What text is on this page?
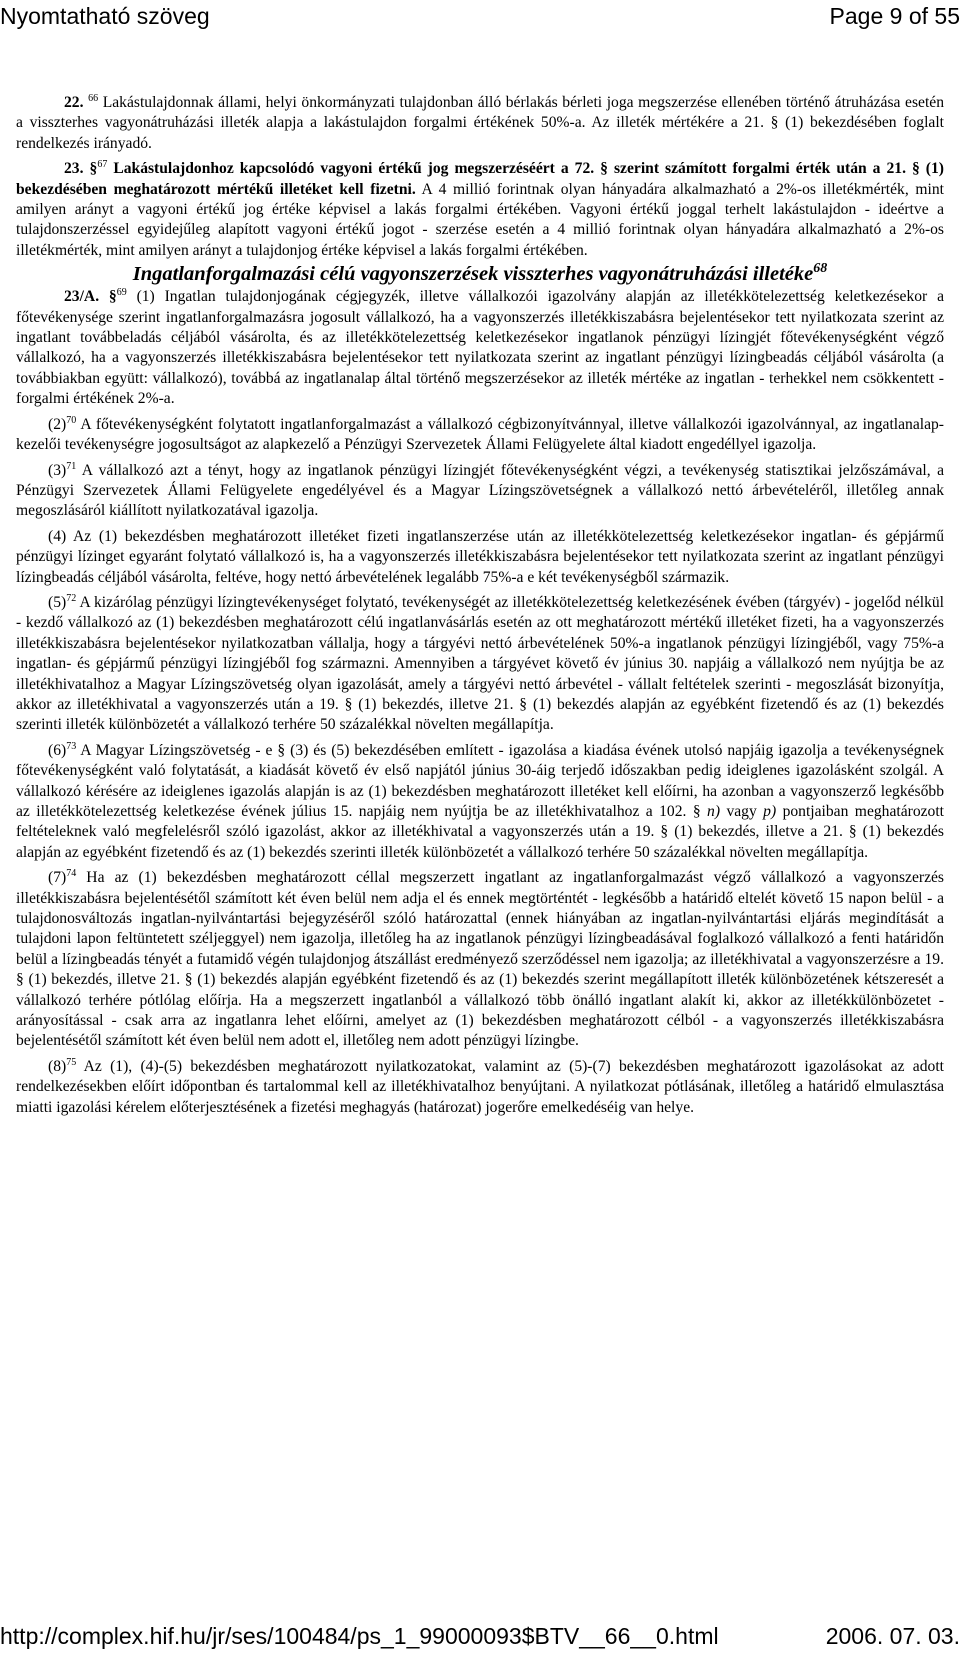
Nyomtatható szöveg	Page 9 of 55

22. $^{66}$ Lakástulajdonnak állami, helyi önkormányzati tulajdonban álló bérlakás bérleti joga megszerzése ellenében történő átruházása esetén a visszterhes vagyonátruházási illeték alapja a lakástulajdon forgalmi értékének 50%-a. Az illeték mértékére a 21. § (1) bekezdésében foglalt rendelkezés irányadó.

23. §$^{67}$ Lakástulajdonhoz kapcsolódó vagyoni értékű jog megszerzéséért a 72. § szerint számított forgalmi érték után a 21. § (1) bekezdésében meghatározott mértékű illetéket kell fizetni. A 4 millió forintnak olyan hányadára alkalmazható a 2%-os illetékmérték, mint amilyen arányt a vagyoni értékű jog értéke képvisel a lakás forgalmi értékében. Vagyoni értékű joggal terhelt lakástulajdon - ideértve a tulajdonszerzéssel egyidejűleg alapított vagyoni értékű jogot - szerzése esetén a 4 millió forintnak olyan hányadára alkalmazható a 2%-os illetékmérték, mint amilyen arányt a tulajdonjog értéke képvisel a lakás forgalmi értékében.

Ingatlanforgalmazási célú vagyonszerzések visszterhes vagyonátruházási illetéke$^{68}$

23/A. §$^{69}$ (1) Ingatlan tulajdonjogának cégjegyzék, illetve vállalkozói igazolvány alapján az illetékkötelezettség keletkezésekor a főtevékenysége szerint ingatlanforgalmazásra jogosult vállalkozó, ha a vagyonszerzés illetékkiszabásra bejelentésekor tett nyilatkozata szerint az ingatlant továbbeladás céljából vásárolta, és az illetékkötelezettség keletkezésekor ingatlanok pénzügyi lízingjét főtevékenységként végző vállalkozó, ha a vagyonszerzés illetékkiszabásra bejelentésekor tett nyilatkozata szerint az ingatlant pénzügyi lízingbeadás céljából vásárolta (a továbbiakban együtt: vállalkozó), továbbá az ingatlanalap által történő megszerzésekor az illeték mértéke az ingatlan - terhekkel nem csökkentett - forgalmi értékének 2%-a.

$(2)^{70}$ A főtevékenységként folytatott ingatlanforgalmazást a vállalkozó cégbizonyítvánnyal, illetve vállalkozói igazolvánnyal, az ingatlanalap-kezelői tevékenységre jogosultságot az alapkezelő a Pénzügyi Szervezetek Állami Felügyelete által kiadott engedéllyel igazolja.

$(3)^{71}$ A vállalkozó azt a tényt, hogy az ingatlanok pénzügyi lízingjét főtevékenységként végzi, a tevékenység statisztikai jelzőszámával, a Pénzügyi Szervezetek Állami Felügyelete engedélyével és a Magyar Lízingszövetségnek a vállalkozó nettó árbevételéről, illetőleg annak megoszlásáról kiállított nyilatkozatával igazolja.

(4) Az (1) bekezdésben meghatározott illetéket fizeti ingatlanszerzése után az illetékkötelezettség keletkezésekor ingatlan- és gépjármű pénzügyi lízinget egyaránt folytató vállalkozó is, ha a vagyonszerzés illetékkiszabásra bejelentésekor tett nyilatkozata szerint az ingatlant pénzügyi lízingbeadás céljából vásárolta, feltéve, hogy nettó árbevételének legalább 75%-a e két tevékenységből származik.

$(5)^{72}$ A kizárólag pénzügyi lízingtevékenységet folytató, tevékenységét az illetékkötelezettség keletkezésének évében (tárgyév) - jogelőd nélkül - kezdő vállalkozó az (1) bekezdésben meghatározott célú ingatlanvásárlás esetén az ott meghatározott mértékű illetéket fizeti, ha a vagyonszerzés illetékkiszabásra bejelentésekor nyilatkozatban vállalja, hogy a tárgyévi nettó árbevételének 50%-a ingatlanok pénzügyi lízingjéből, vagy 75%-a ingatlan- és gépjármű pénzügyi lízingjéből fog származni. Amennyiben a tárgyévet követő év június 30. napjáig a vállalkozó nem nyújtja be az illetékhivatalhoz a Magyar Lízingszövetség olyan igazolását, amely a tárgyévi nettó árbevétel - vállalt feltételek szerinti - megoszlását bizonyítja, akkor az illetékhivatal a vagyonszerzés után a 19. § (1) bekezdés, illetve 21. § (1) bekezdés alapján az egyébként fizetendő és az (1) bekezdés szerinti illeték különbözetét a vállalkozó terhére 50 százalékkal növelten megállapítja.

$(6)^{73}$ A Magyar Lízingszövetség - e § (3) és (5) bekezdésében említett - igazolása a kiadása évének utolsó napjáig igazolja a tevékenységnek főtevékenységként való folytatását, a kiadását követő év első napjától június 30-áig terjedő időszakban pedig ideiglenes igazolásként szolgál. A vállalkozó kérésére az ideiglenes igazolás alapján is az (1) bekezdésben meghatározott illetéket kell előírni, ha azonban a vagyonszerző legkésőbb az illetékkötelezettség keletkezése évének július 15. napjáig nem nyújtja be az illetékhivatalhoz a 102. § n) vagy p) pontjaiban meghatározott feltételeknek való megfelelésről szóló igazolást, akkor az illetékhivatal a vagyonszerzés után a 19. § (1) bekezdés, illetve a 21. § (1) bekezdés alapján az egyébként fizetendő és az (1) bekezdés szerinti illeték különbözetét a vállalkozó terhére 50 százalékkal növelten megállapítja.

$(7)^{74}$ Ha az (1) bekezdésben meghatározott céllal megszerzett ingatlant az ingatlanforgalmazást végző vállalkozó a vagyonszerzés illetékkiszabásra bejelentésétől számított két éven belül nem adja el és ennek megtörténtét - legkésőbb a határidő eltelét követő 15 napon belül - a tulajdonosváltozás ingatlan-nyilvántartási bejegyzéséről szóló határozattal (ennek hiányában az ingatlan-nyilvántartási eljárás megindítását a tulajdoni lapon feltüntetett széljeggyel) nem igazolja, illetőleg ha az ingatlanok pénzügyi lízingbeadásával foglalkozó vállalkozó a fenti határidőn belül a lízingbeadás tényét a futamidő végén tulajdonjog átszállást eredményező szerződéssel nem igazolja; az illetékhivatal a vagyonszerzésre a 19. § (1) bekezdés, illetve 21. § (1) bekezdés alapján egyébként fizetendő és az (1) bekezdés szerint megállapított illeték különbözetének kétszeresét a vállalkozó terhére pótlólag előírja. Ha a megszerzett ingatlanból a vállalkozó több önálló ingatlant alakít ki, akkor az illetékkülönbözetet - arányosítással - csak arra az ingatlanra lehet előírni, amelyet az (1) bekezdésben meghatározott célból - a vagyonszerzés illetékkiszabásra bejelentésétől számított két éven belül nem adott el, illetőleg nem adott pénzügyi lízingbe.

$(8)^{75}$ Az (1), (4)-(5) bekezdésben meghatározott nyilatkozatokat, valamint az (5)-(7) bekezdésben meghatározott igazolásokat az adott rendelkezésekben előírt időpontban és tartalommal kell az illetékhivatalhoz benyújtani. A nyilatkozat pótlásának, illetőleg a határidő elmulasztása miatti igazolási kérelem előterjesztésének a fizetési meghagyás (határozat) jogerőre emelkedéséig van helye.

http://complex.hif.hu/jr/ses/100484/ps_1_99000093$BTV__66__0.html	2006. 07. 03.
